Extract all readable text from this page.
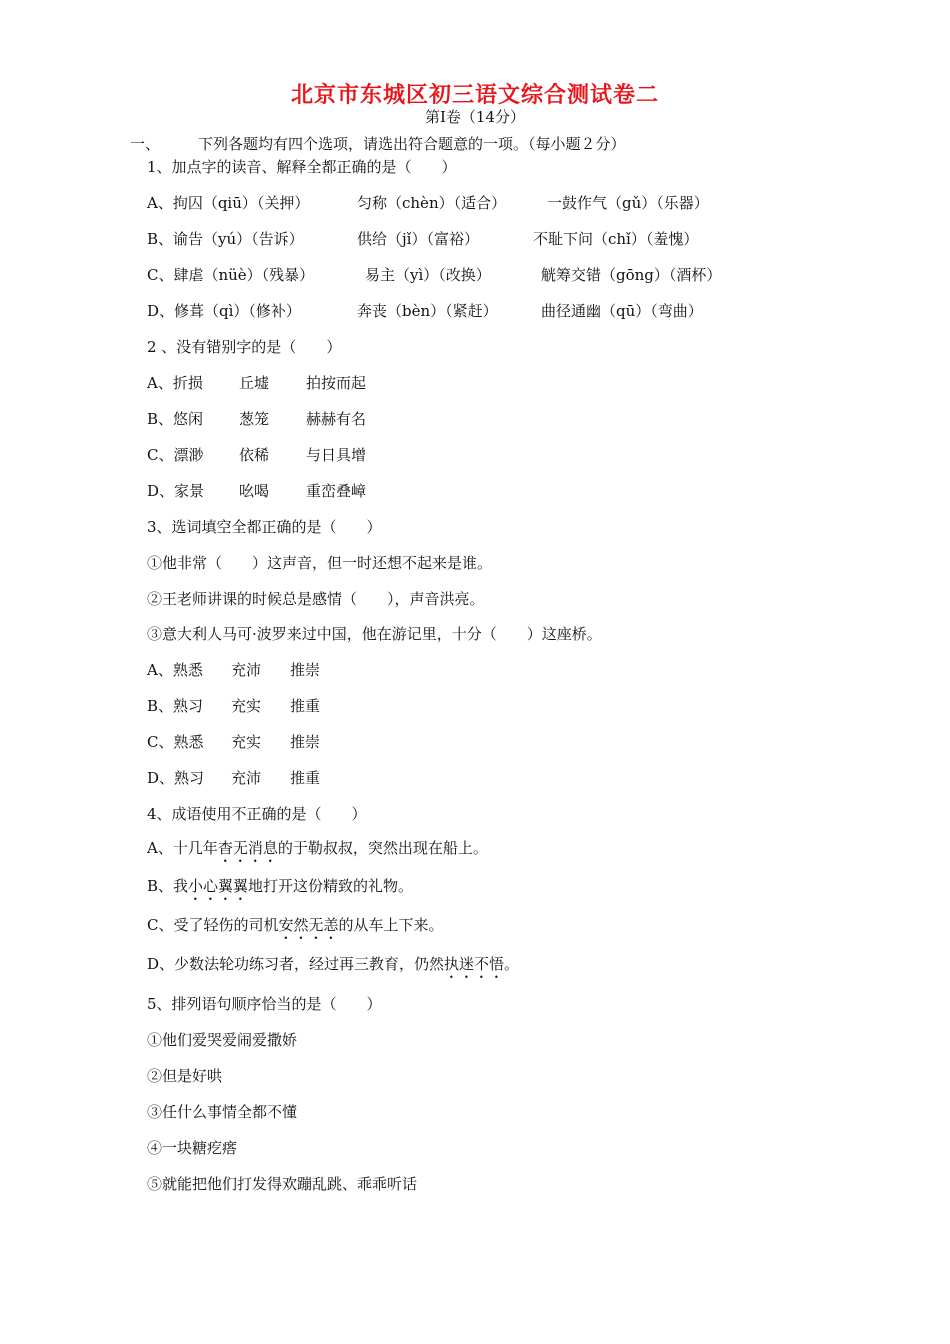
北京市东城区初三语文综合测试卷二
第I卷（14分）
一、	下列各题均有四个选项，请选出符合题意的一项。（每小题２分）
1、加点字的读音、解释全都正确的是（　　）
A、拘囚（qiū）（关押）	匀称（chèn）（适合）	一鼓作气（gǔ）（乐器）
B、谕告（yú）（告诉）	供给（jǐ）（富裕）	不耻下问（chǐ）（羞愧）
C、肆虐（nüè）（残暴）	易主（yì）（改换）	觥筹交错（gōng）（酒杯）
D、修葺（qì）（修补）	奔丧（bèn）（紧赶）	曲径通幽（qū）（弯曲）
2 、没有错别字的是（　　）
A、折损	丘墟	拍按而起
B、悠闲	葱笼	赫赫有名
C、漂渺	依稀	与日具增
D、家景	吆喝	重峦叠嶂
3、选词填空全都正确的是（　　）
①他非常（　　）这声音，但一时还想不起来是谁。
②王老师讲课的时候总是感情（　　），声音洪亮。
③意大利人马可·波罗来过中国，他在游记里，十分（　　）这座桥。
A、熟悉	充沛	推崇
B、熟习	充实	推重
C、熟悉	充实	推崇
D、熟习	充沛	推重
4、成语使用不正确的是（　　）
A、十几年杳无消息的于勒叔叔，突然出现在船上。
B、我小心翼翼地打开这份精致的礼物。
C、受了轻伤的司机安然无恙的从车上下来。
D、少数法轮功练习者，经过再三教育，仍然执迷不悟。
5、排列语句顺序恰当的是（　　）
①他们爱哭爱闹爱撒娇
②但是好哄
③任什么事情全都不懂
④一块糖疙瘩
⑤就能把他们打发得欢蹦乱跳、乖乖听话
